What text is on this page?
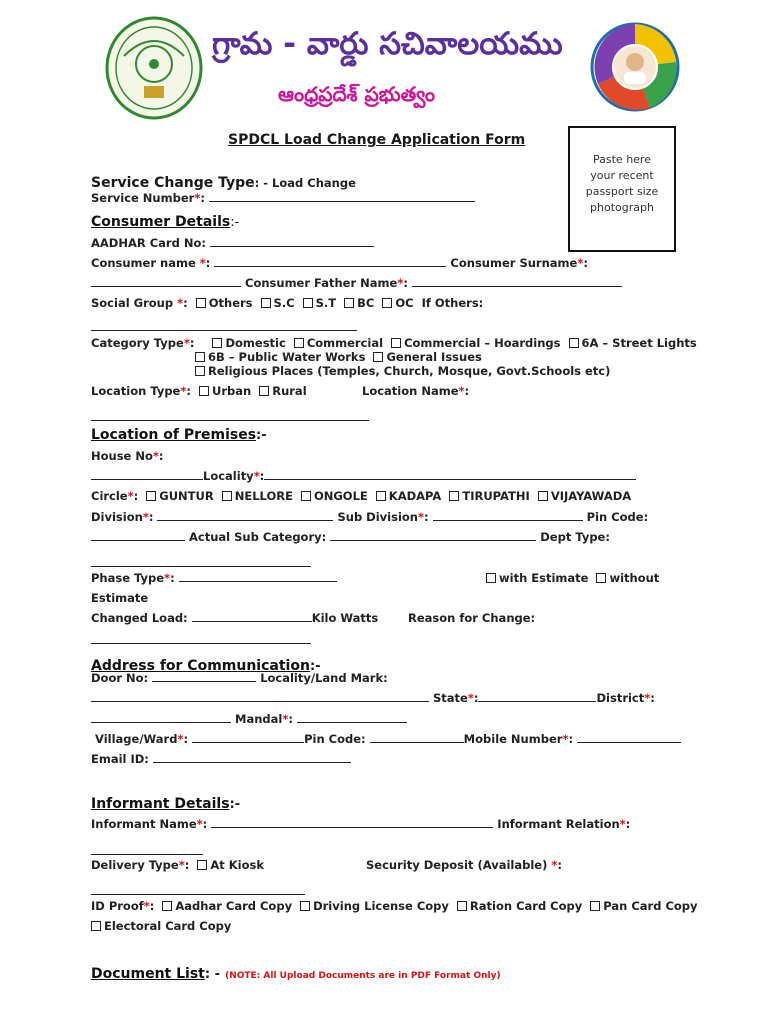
గ్రామ - వార్డు సచివాలయము
ఆంధ్రప్రదేశ్ ప్రభుత్వం
SPDCL Load Change Application Form
Paste here
your recent
passport size
photograph
Service Change Type: - Load Change
Service Number*:
Consumer Details:-
AADHAR Card No:
Consumer name *:	Consumer Surname*:
Consumer Father Name*:
Social Group *: Others S.C S.T BC OC If Others:
Category Type*:	Domestic Commercial Commercial – Hoardings 6A – Street Lights
6B – Public Water Works General Issues
Religious Places (Temples, Church, Mosque, Govt.Schools etc)
Location Type*: Urban Rural	Location Name*:
Location of Premises:-
House No*:
Locality*:
Circle*: GUNTUR NELLORE ONGOLE KADAPA TIRUPATHI VIJAYAWADA
Division*:	Sub Division*:	Pin Code:
Actual Sub Category:	Dept Type:
Phase Type*:	with Estimate without
Estimate
Changed Load:	Kilo Watts	Reason for Change:
Address for Communication:-
Door No:	Locality/Land Mark:
State*:	District*:
Mandal*:
Village/Ward*:	Pin Code:	Mobile Number*:
Email ID:
Informant Details:-
Informant Name*:	Informant Relation*:
Delivery Type*: At Kiosk	Security Deposit (Available) *:
ID Proof*: Aadhar Card Copy Driving License Copy Ration Card Copy Pan Card Copy
Electoral Card Copy
Document List: - (NOTE: All Upload Documents are in PDF Format Only)
